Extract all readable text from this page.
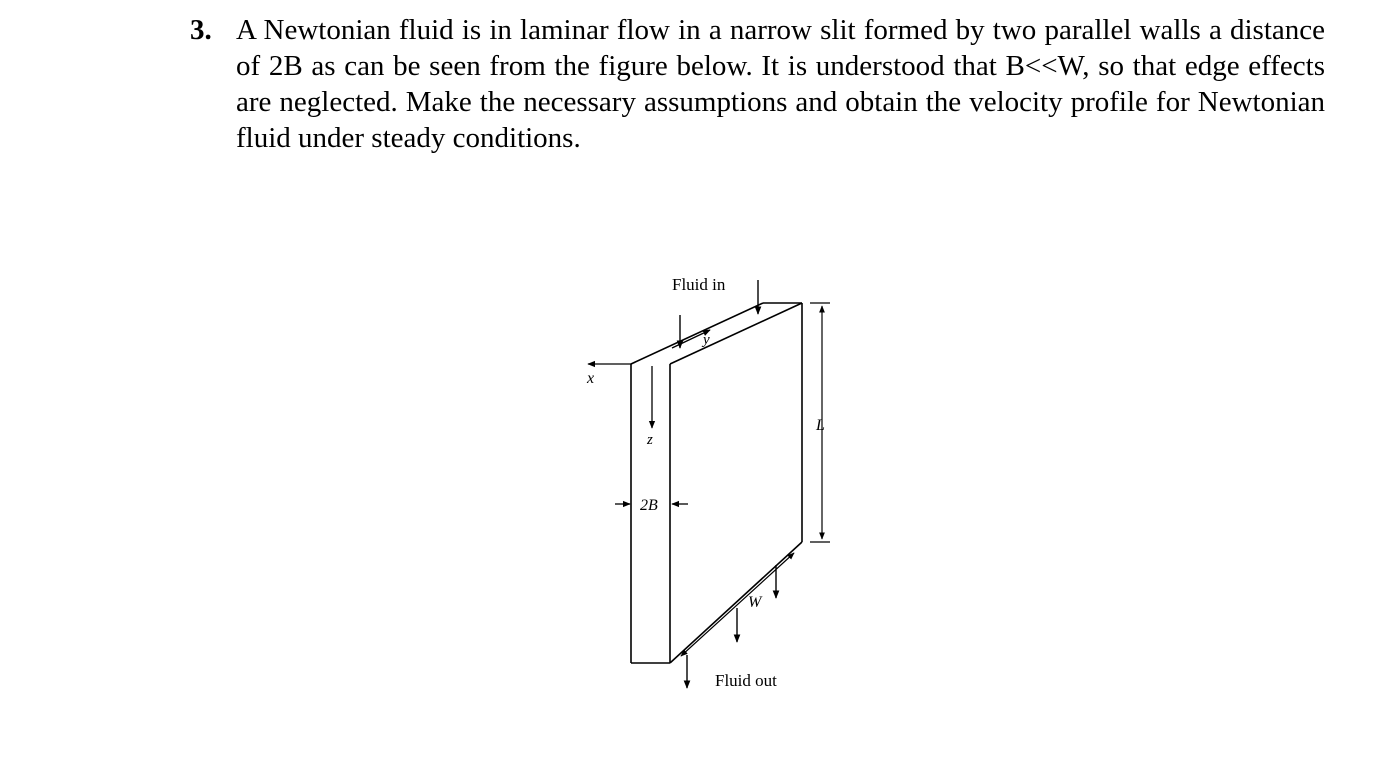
3. A Newtonian fluid is in laminar flow in a narrow slit formed by two parallel walls a distance of 2B as can be seen from the figure below. It is understood that B<<W, so that edge effects are neglected. Make the necessary assumptions and obtain the velocity profile for Newtonian fluid under steady conditions.
Fluid in
Fluid out
x
y
z
2B
L
W
